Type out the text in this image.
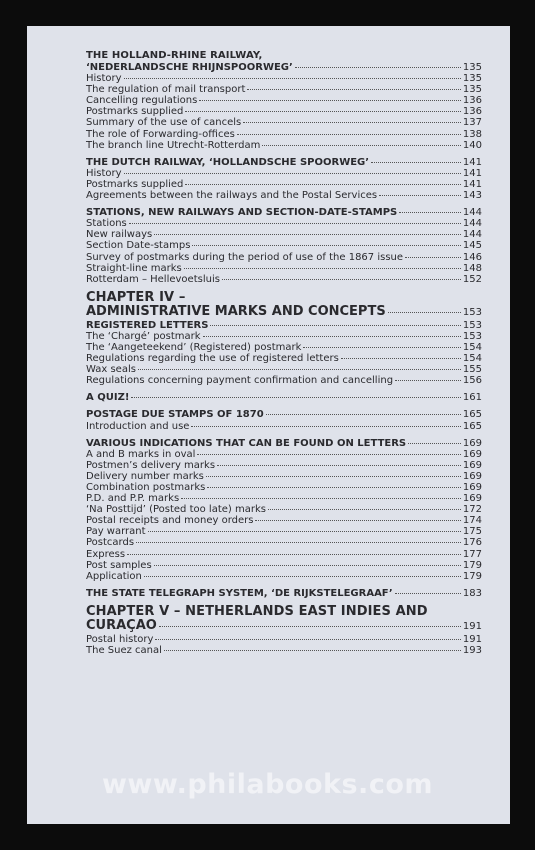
THE HOLLAND-RHINE RAILWAY,
‘NEDERLANDSCHE RHIJNSPOORWEG’	135
History	135
The regulation of mail transport	135
Cancelling regulations	136
Postmarks supplied	136
Summary of the use of cancels	137
The role of Forwarding-offices	138
The branch line Utrecht-Rotterdam	140
THE DUTCH RAILWAY, ‘HOLLANDSCHE SPOORWEG’	141
History	141
Postmarks supplied	141
Agreements between the railways and the Postal Services	143
STATIONS, NEW RAILWAYS AND SECTION-DATE-STAMPS	144
Stations	144
New railways	144
Section Date-stamps	145
Survey of postmarks during the period of use of the 1867 issue	146
Straight-line marks	148
Rotterdam – Hellevoetsluis	152
CHAPTER IV –
ADMINISTRATIVE MARKS AND CONCEPTS	153
REGISTERED LETTERS	153
The ‘Chargé’ postmark	153
The ‘Aangeteekend’ (Registered) postmark	154
Regulations regarding the use of registered letters	154
Wax seals	155
Regulations concerning payment confirmation and cancelling	156
A QUIZ!	161
POSTAGE DUE STAMPS OF 1870	165
Introduction and use	165
VARIOUS INDICATIONS THAT CAN BE FOUND ON LETTERS	169
A and B marks in oval	169
Postmen’s delivery marks	169
Delivery number marks	169
Combination postmarks	169
P.D. and P.P. marks	169
‘Na Posttijd’ (Posted too late) marks	172
Postal receipts and money orders	174
Pay warrant	175
Postcards	176
Express	177
Post samples	179
Application	179
THE STATE TELEGRAPH SYSTEM, ‘DE RIJKSTELEGRAAF’	183
CHAPTER V – NETHERLANDS EAST INDIES AND
CURAÇAO	191
Postal history	191
The Suez canal	193
www.philabooks.com
